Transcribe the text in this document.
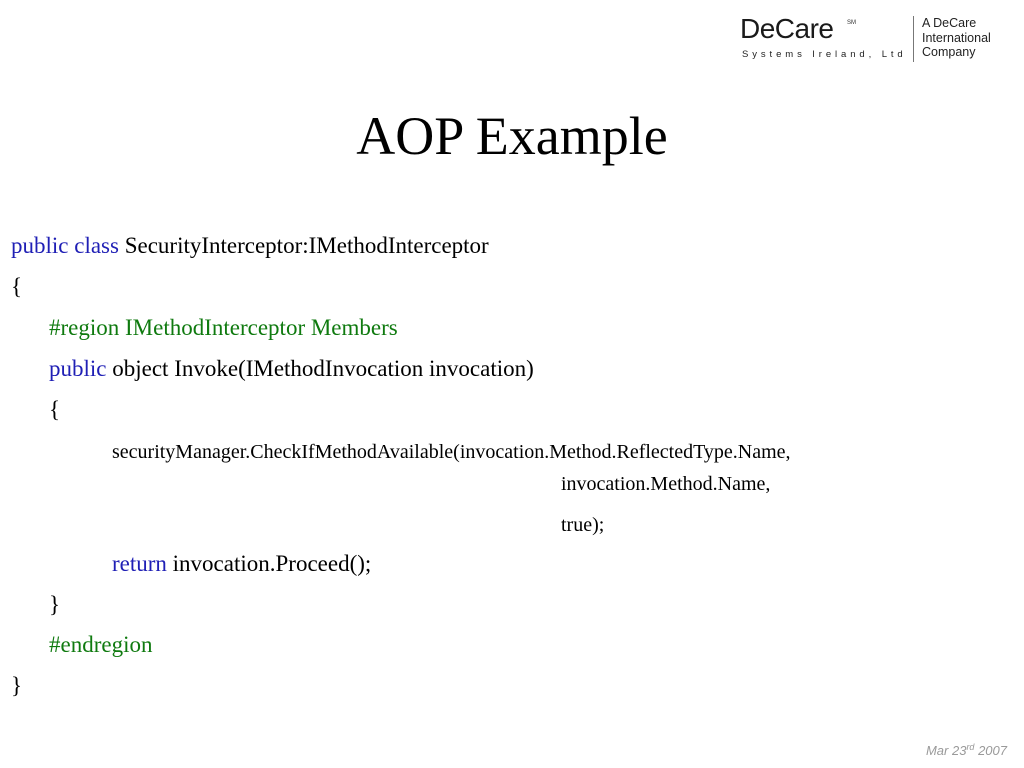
DeCare SM
Systems Ireland, Ltd
A DeCare
International
Company
AOP Example
public class SecurityInterceptor:IMethodInterceptor
{
#region IMethodInterceptor Members
public object Invoke(IMethodInvocation invocation)
{
securityManager.CheckIfMethodAvailable(invocation.Method.ReflectedType.Name,
invocation.Method.Name,
true);
return invocation.Proceed();
}
#endregion
}
Mar 23rd 2007
